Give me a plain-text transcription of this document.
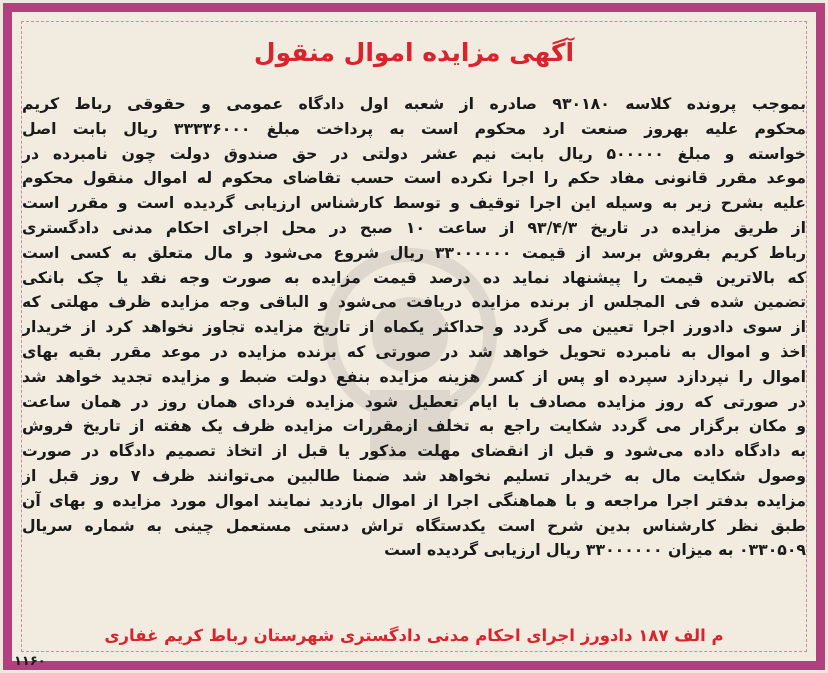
آگهی مزایده اموال منقول
بموجب پرونده کلاسه ۹۳۰۱۸۰ صادره از شعبه اول دادگاه عمومی و حقوقی رباط کریم
محکوم علیه بهروز صنعت ارد محکوم است به پرداخت مبلغ ۳۳۳۳۶۰۰۰ ریال بابت اصل
خواسته و مبلغ ۵۰۰۰۰۰ ریال بابت نیم عشر دولتی در حق صندوق دولت چون نامبرده در
موعد مقرر قانونی مفاد حکم را اجرا نکرده است حسب تقاضای محکوم له اموال منقول محکوم
علیه بشرح زیر به وسیله این اجرا توقیف و توسط کارشناس ارزیابی گردیده است و مقرر است
از طریق مزایده در تاریخ ۹۳/۴/۳ از ساعت ۱۰ صبح در محل اجرای احکام مدنی دادگستری
رباط کریم بفروش برسد از قیمت ۳۳۰۰۰۰۰۰ ریال شروع می‌شود و مال متعلق به کسی است
که بالاترین قیمت را پیشنهاد نماید ده درصد قیمت مزایده به صورت وجه نقد یا چک بانکی
تضمین شده فی المجلس از برنده مزایده دریافت می‌شود و الباقی وجه مزایده ظرف مهلتی که
از سوی دادورز اجرا تعیین می گردد و حداکثر یکماه از تاریخ مزایده تجاوز نخواهد کرد از خریدار
اخذ و اموال به نامبرده تحویل خواهد شد در صورتی که برنده مزایده در موعد مقرر بقیه بهای
اموال را نپردازد سپرده او پس از کسر هزینه مزایده بنفع دولت ضبط و مزایده تجدید خواهد شد
در صورتی که روز مزایده مصادف با ایام تعطیل شود مزایده فردای همان روز در همان ساعت
و مکان برگزار می گردد شکایت راجع به تخلف ازمقررات مزایده ظرف یک هفته از تاریخ فروش
به دادگاه داده می‌شود و قبل از انقضای مهلت مذکور یا قبل از اتخاذ تصمیم دادگاه در صورت
وصول شکایت مال به خریدار تسلیم نخواهد شد ضمنا طالبین می‌توانند ظرف ۷ روز قبل از
مزایده بدفتر اجرا مراجعه و با هماهنگی اجرا از اموال بازدید نمایند اموال مورد مزایده و بهای آن
طبق نظر کارشناس بدین شرح است یکدستگاه تراش دستی مستعمل چینی به شماره سریال
۰۳۳۰۵۰۹ به میزان ۳۳۰۰۰۰۰۰ ریال ارزیابی گردیده است
م الف ۱۸۷ دادورز اجرای احکام مدنی دادگستری شهرستان رباط کریم غفاری
۱۱۶۰
